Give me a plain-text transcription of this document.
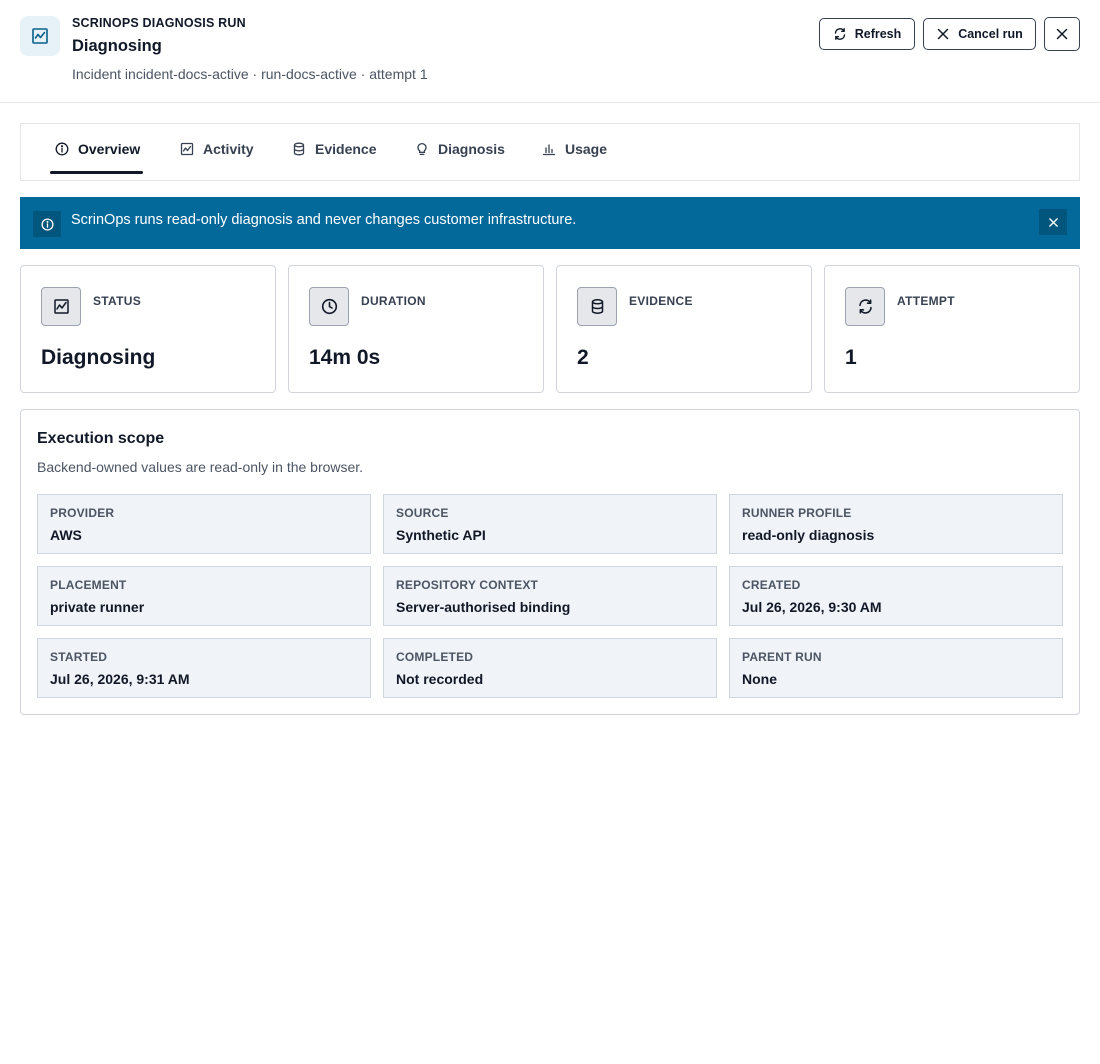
SCRINOPS DIAGNOSIS RUN
Diagnosing
Incident incident-docs-active · run-docs-active · attempt 1
Refresh	Cancel run
Overview	Activity	Evidence	Diagnosis	Usage
ScrinOps runs read-only diagnosis and never changes customer infrastructure.
STATUS
Diagnosing
DURATION
14m 0s
EVIDENCE
2
ATTEMPT
1
Execution scope
Backend-owned values are read-only in the browser.
PROVIDER
AWS
SOURCE
Synthetic API
RUNNER PROFILE
read-only diagnosis
PLACEMENT
private runner
REPOSITORY CONTEXT
Server-authorised binding
CREATED
Jul 26, 2026, 9:30 AM
STARTED
Jul 26, 2026, 9:31 AM
COMPLETED
Not recorded
PARENT RUN
None
